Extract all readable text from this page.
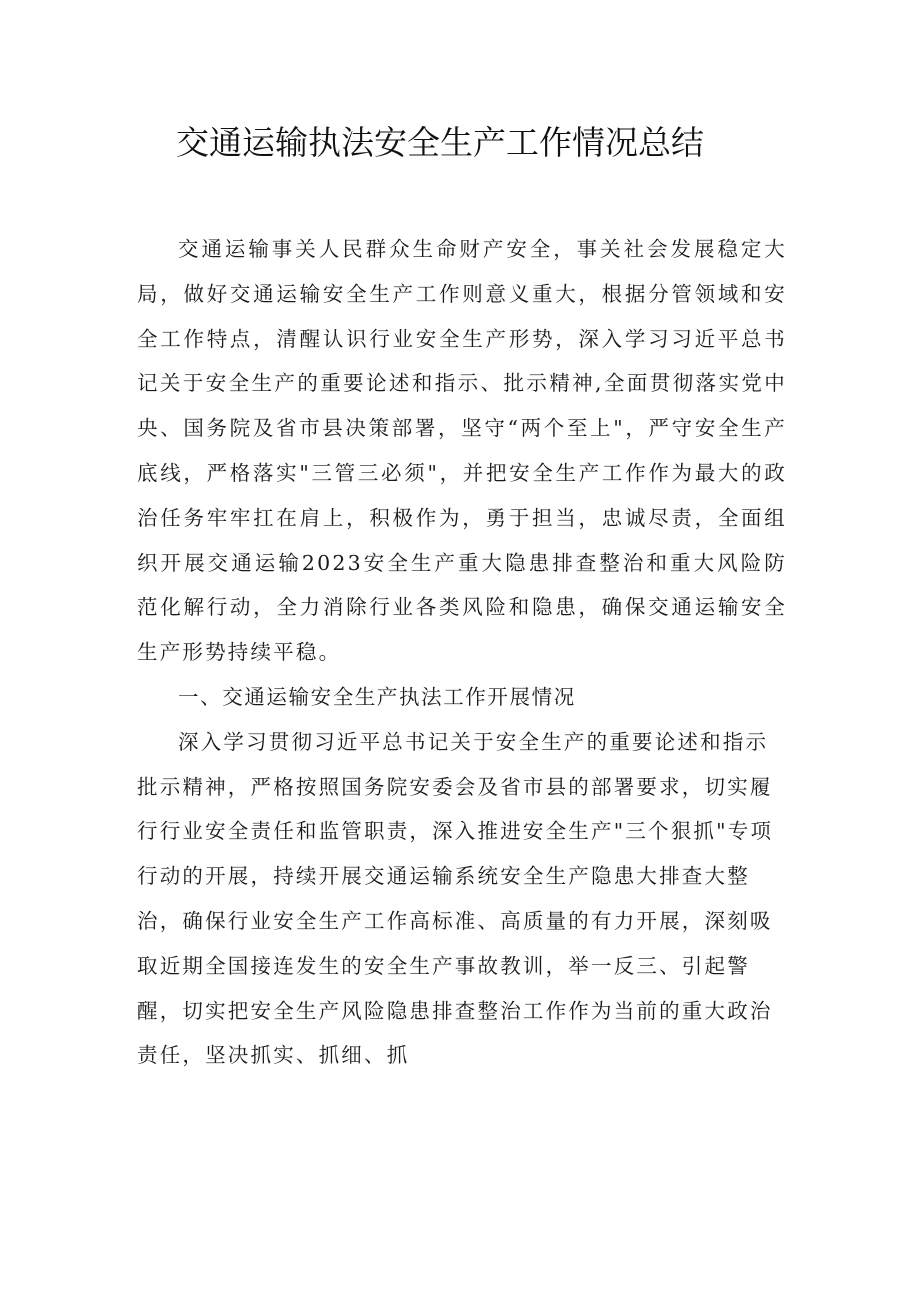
交通运输执法安全生产工作情况总结

交通运输事关人民群众生命财产安全，事关社会发展稳定大局，做好交通运输安全生产工作则意义重大，根据分管领域和安全工作特点，清醒认识行业安全生产形势，深入学习习近平总书记关于安全生产的重要论述和指示、批示精神,全面贯彻落实党中央、国务院及省市县决策部署，坚守“两个至上"，严守安全生产底线，严格落实"三管三必须"，并把安全生产工作作为最大的政治任务牢牢扛在肩上，积极作为，勇于担当，忠诚尽责，全面组织开展交通运输2023安全生产重大隐患排查整治和重大风险防范化解行动，全力消除行业各类风险和隐患，确保交通运输安全生产形势持续平稳。

一、交通运输安全生产执法工作开展情况

深入学习贯彻习近平总书记关于安全生产的重要论述和指示批示精神，严格按照国务院安委会及省市县的部署要求，切实履行行业安全责任和监管职责，深入推进安全生产"三个狠抓"专项行动的开展，持续开展交通运输系统安全生产隐患大排查大整治，确保行业安全生产工作高标准、高质量的有力开展，深刻吸取近期全国接连发生的安全生产事故教训，举一反三、引起警醒，切实把安全生产风险隐患排查整治工作作为当前的重大政治责任，坚决抓实、抓细、抓
